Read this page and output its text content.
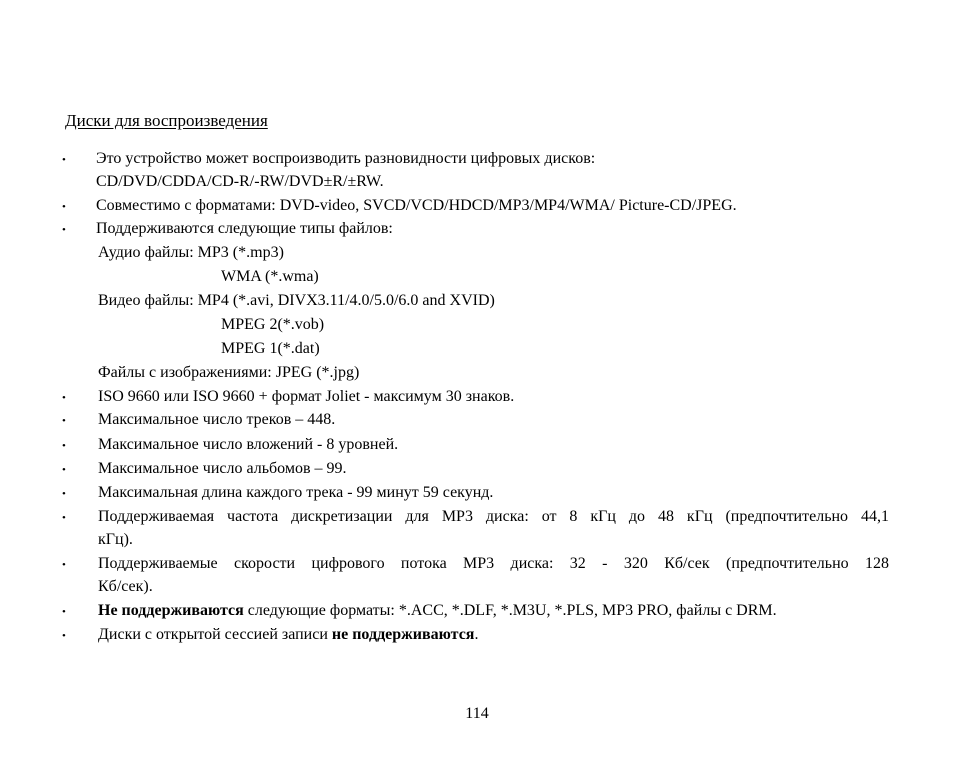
Диски для воспроизведения
• Это устройство может воспроизводить разновидности цифровых дисков:
CD/DVD/CDDA/CD-R/-RW/DVD±R/±RW.
• Совместимо с форматами: DVD-video, SVCD/VCD/HDCD/MP3/MP4/WMA/ Picture-CD/JPEG.
• Поддерживаются следующие типы файлов:
Аудио файлы: MP3 (*.mp3)
WMA (*.wma)
Видео файлы: MP4 (*.avi, DIVX3.11/4.0/5.0/6.0 and XVID)
MPEG 2(*.vob)
MPEG 1(*.dat)
Файлы с изображениями: JPEG (*.jpg)
• ISO 9660 или ISO 9660 + формат Joliet - максимум 30 знаков.
• Максимальное число треков – 448.
• Максимальное число вложений - 8 уровней.
• Максимальное число альбомов – 99.
• Максимальная длина каждого трека - 99 минут 59 секунд.
• Поддерживаемая частота дискретизации для MP3 диска: от 8 кГц до 48 кГц (предпочтительно 44,1
кГц).
• Поддерживаемые скорости цифрового потока MP3 диска: 32 - 320 Кб/сек (предпочтительно 128
Кб/сек).
• Не поддерживаются следующие форматы: *.ACC, *.DLF, *.M3U, *.PLS, MP3 PRO, файлы с DRM.
• Диски с открытой сессией записи не поддерживаются.
114
